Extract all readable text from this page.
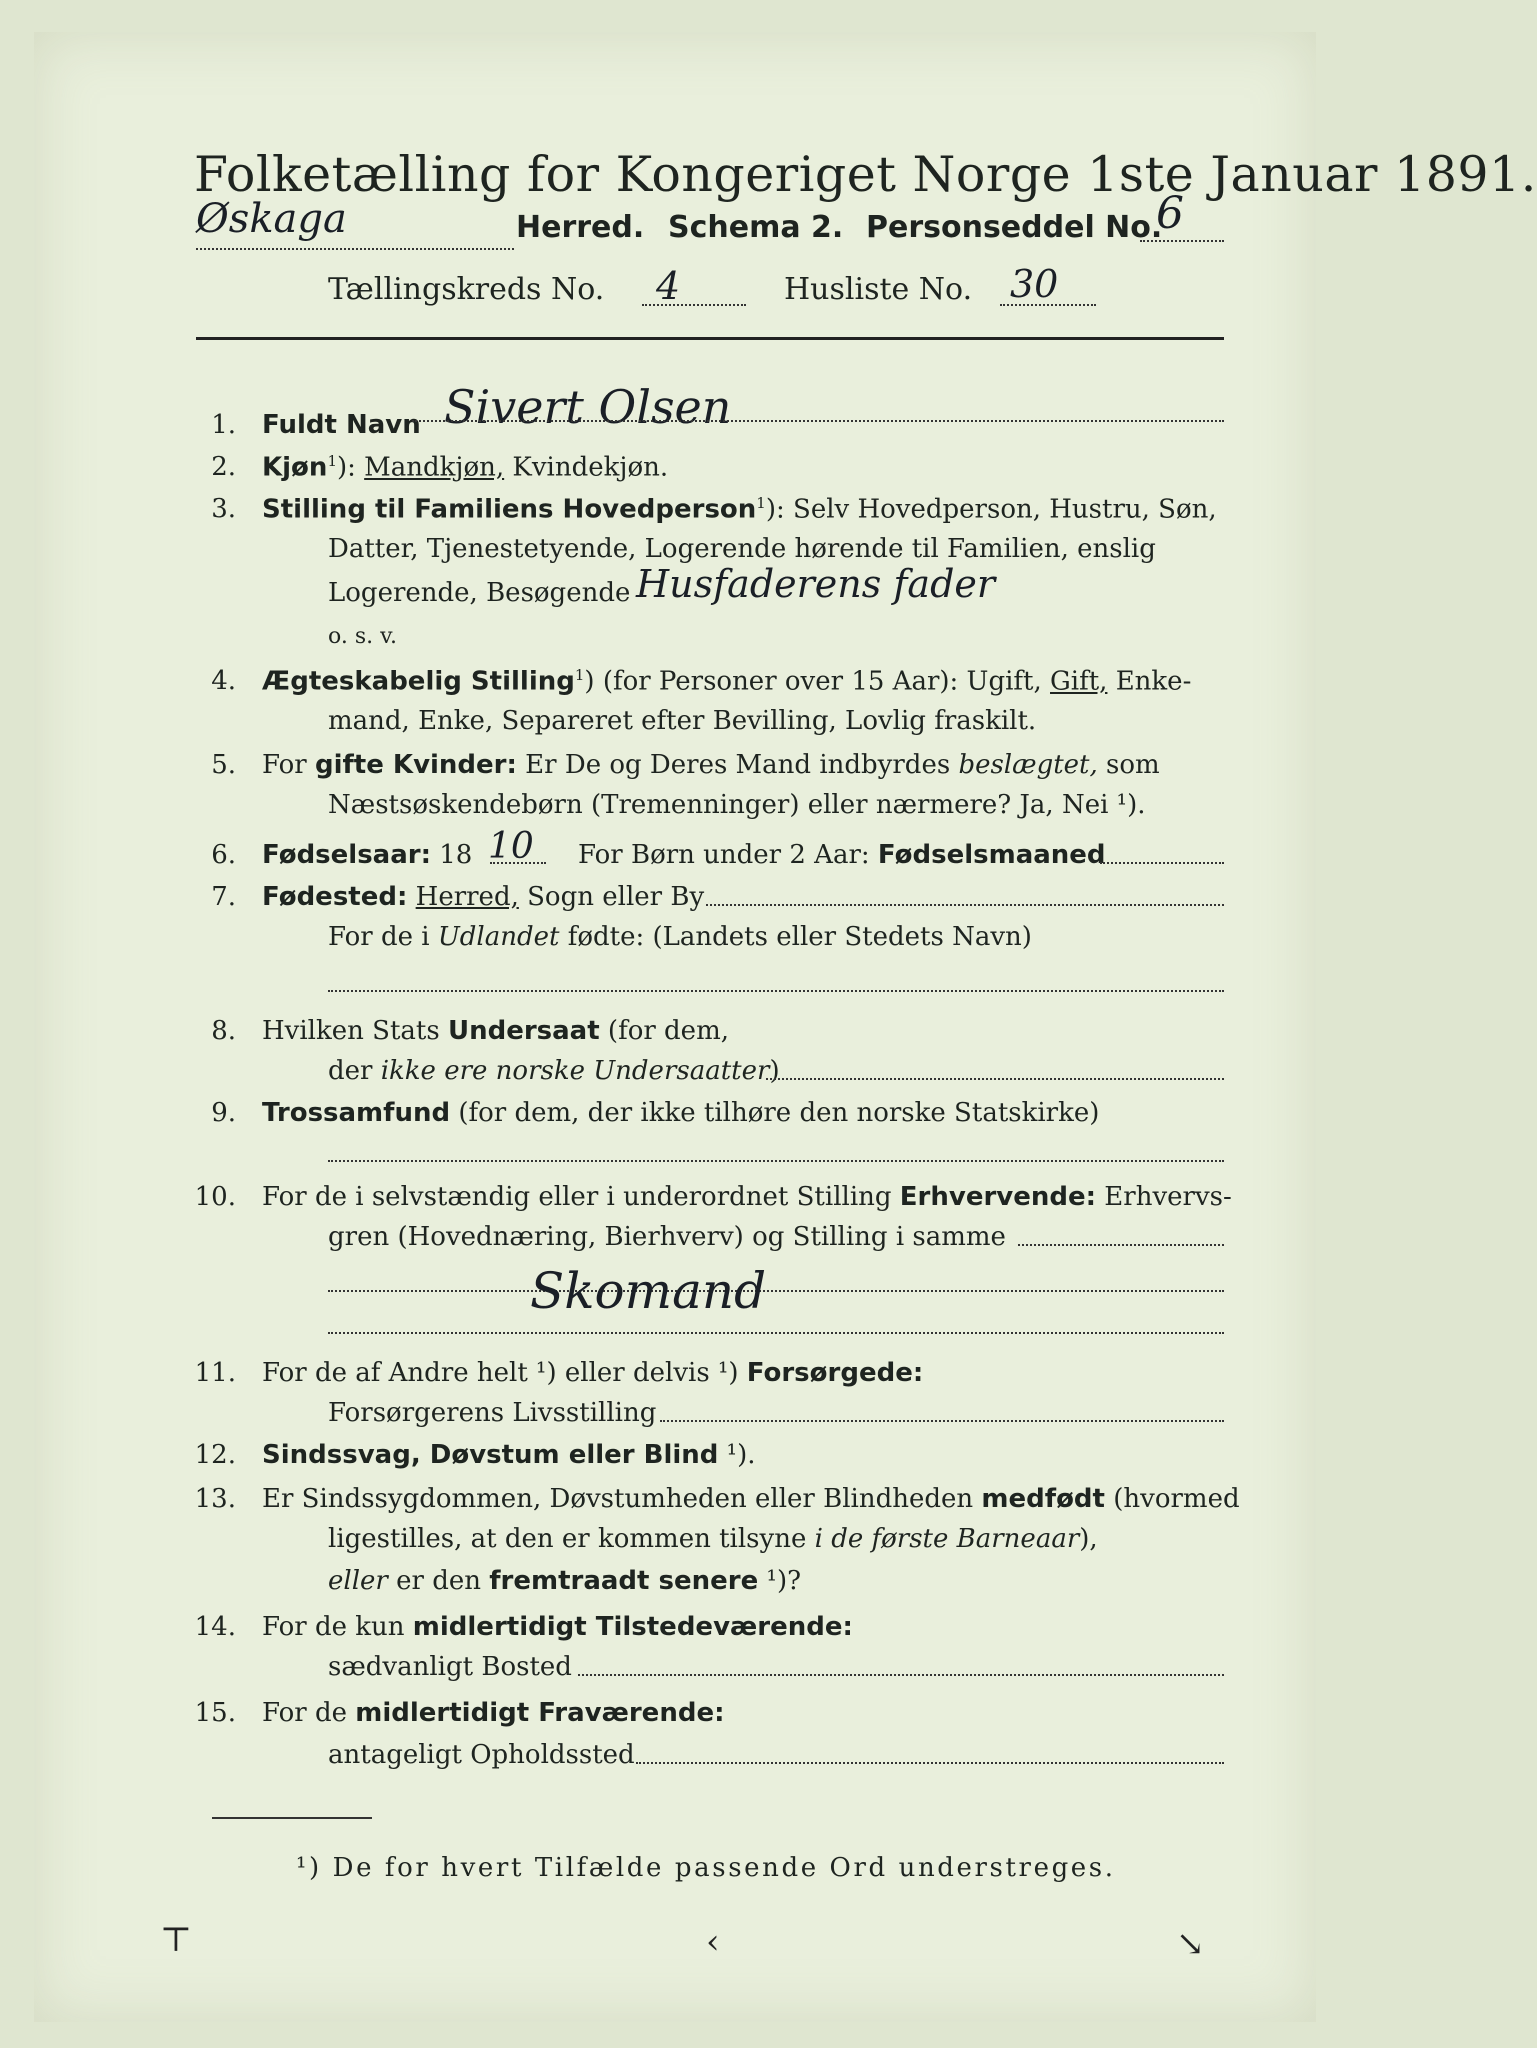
Folketælling for Kongeriget Norge 1ste Januar 1891.
Øskaga	Herred. Schema 2. Personseddel No.
6
Tællingskreds No. 4	Husliste No. 30
1. Fuldt Navn Sivert Olsen
2. Kjøn$^1$): Mandkjøn, Kvindekjøn.
3. Stilling til Familiens Hovedperson$^1$): Selv Hovedperson, Hustru, Søn,
Datter, Tjenestetyende, Logerende hørende til Familien, enslig
Logerende, Besøgende Husfaderens fader
o. s. v.
4. Ægteskabelig Stilling$^1$) (for Personer over 15 Aar): Ugift, Gift, Enke-
mand, Enke, Separeret efter Bevilling, Lovlig fraskilt.
5. For gifte Kvinder: Er De og Deres Mand indbyrdes beslægtet, som
Næstsøskendebørn (Tremenninger) eller nærmere? Ja, Nei ¹).
6. Fødselsaar: 18 10 For Børn under 2 Aar: Fødselsmaaned
7. Fødested: Herred, Sogn eller By
For de i Udlandet fødte: (Landets eller Stedets Navn)
8. Hvilken Stats Undersaat (for dem,
der ikke ere norske Undersaatter)
9. Trossamfund (for dem, der ikke tilhøre den norske Statskirke)
10. For de i selvstændig eller i underordnet Stilling Erhvervende: Erhvervs-
gren (Hovednæring, Bierhverv) og Stilling i samme
Skomand
11. For de af Andre helt ¹) eller delvis ¹) Forsørgede:
Forsørgerens Livsstilling
12. Sindssvag, Døvstum eller Blind ¹).
13. Er Sindssygdommen, Døvstumheden eller Blindheden medfødt (hvormed
ligestilles, at den er kommen tilsyne i de første Barneaar),
eller er den fremtraadt senere ¹)?
14. For de kun midlertidigt Tilstedeværende:
sædvanligt Bosted
15. For de midlertidigt Fraværende:
antageligt Opholdssted
¹) De for hvert Tilfælde passende Ord understreges.
⊤	‹	↘
